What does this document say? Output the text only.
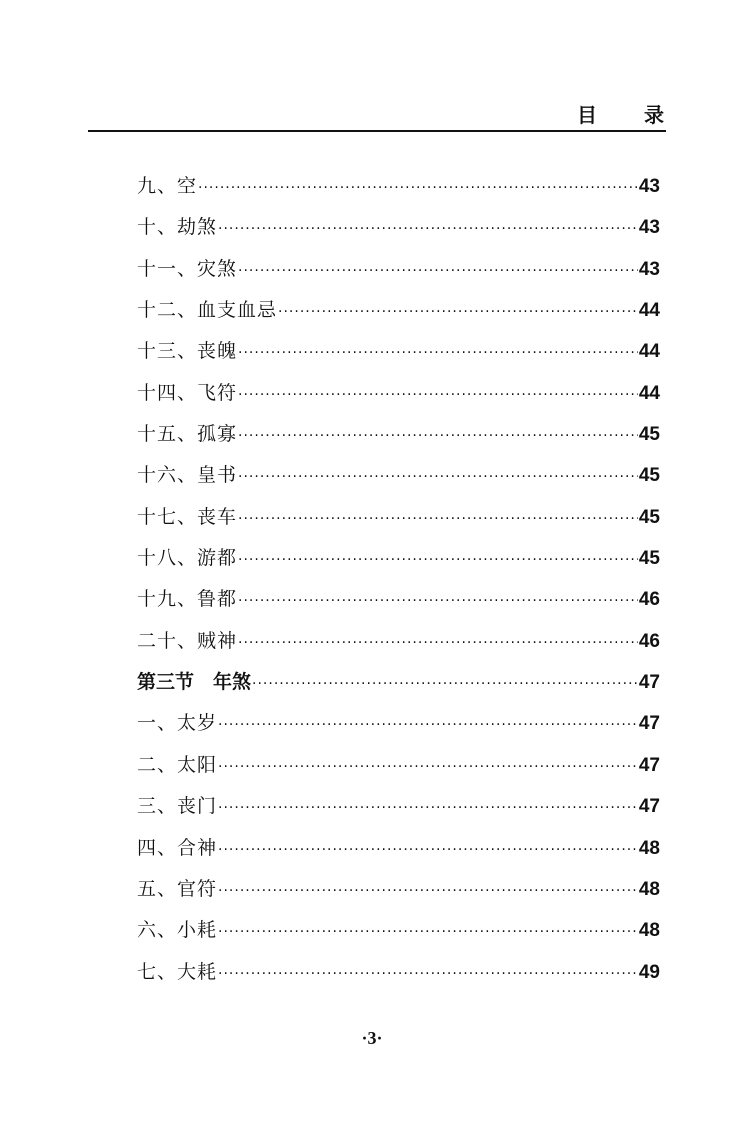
目 录
九、空 ·····	43
十、劫煞 ·····	43
十一、灾煞 ·····	43
十二、血支血忌 ·····	44
十三、丧魄 ·····	44
十四、飞符 ·····	44
十五、孤寡 ·····	45
十六、皇书 ·····	45
十七、丧车 ·····	45
十八、游都 ·····	45
十九、鲁都 ·····	46
二十、贼神 ·····	46
第三节　年煞 ·····	47
一、太岁 ·····	47
二、太阳 ·····	47
三、丧门 ·····	47
四、合神 ·····	48
五、官符 ·····	48
六、小耗 ·····	48
七、大耗 ·····	49
·3·
